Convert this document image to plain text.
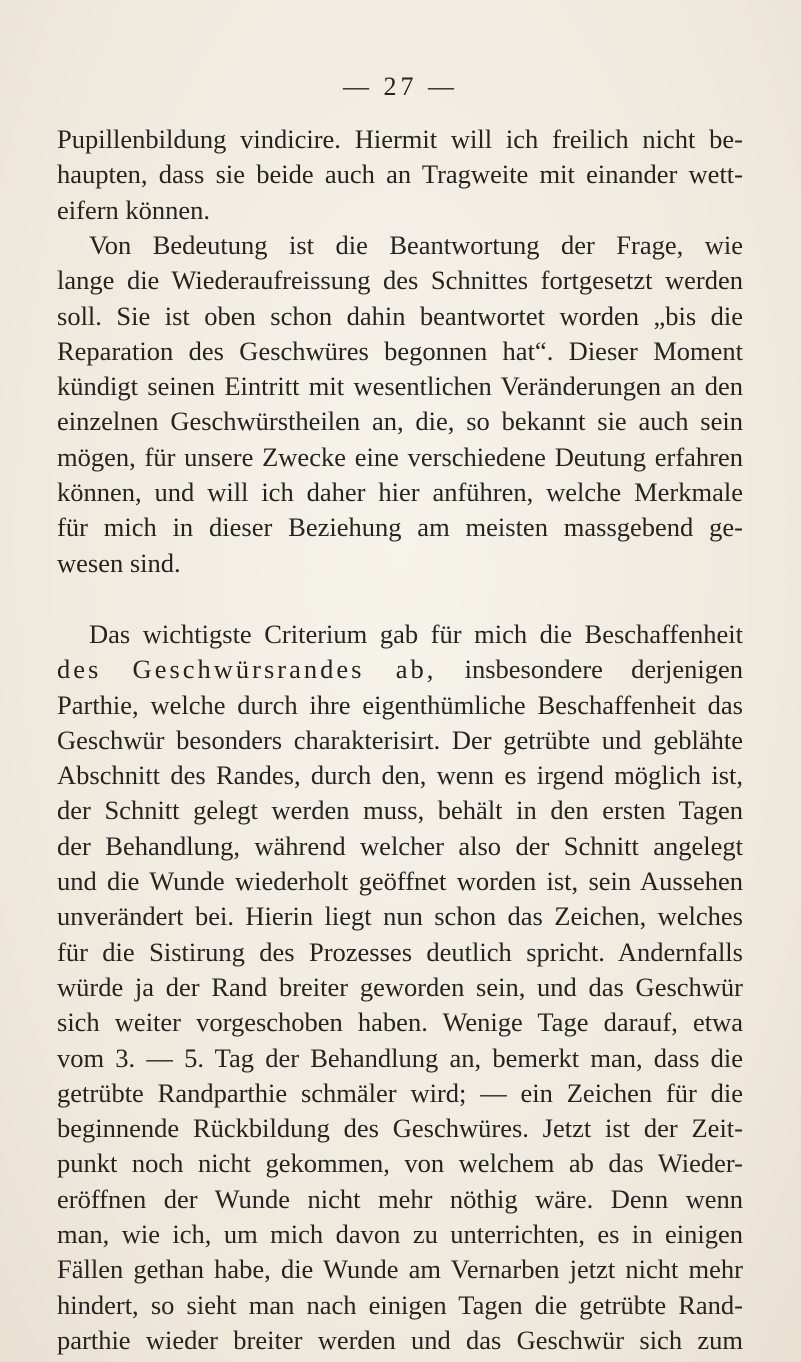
— 27 —
Pupillenbildung vindicire. Hiermit will ich freilich nicht be-
haupten, dass sie beide auch an Tragweite mit einander wett-
eifern können.
Von Bedeutung ist die Beantwortung der Frage, wie
lange die Wiederaufreissung des Schnittes fortgesetzt werden
soll. Sie ist oben schon dahin beantwortet worden „bis die
Reparation des Geschwüres begonnen hat“. Dieser Moment
kündigt seinen Eintritt mit wesentlichen Veränderungen an den
einzelnen Geschwürstheilen an, die, so bekannt sie auch sein
mögen, für unsere Zwecke eine verschiedene Deutung erfahren
können, und will ich daher hier anführen, welche Merkmale
für mich in dieser Beziehung am meisten massgebend ge-
wesen sind.
Das wichtigste Criterium gab für mich die Beschaffenheit
des Geschwürsrandes ab, insbesondere derjenigen
Parthie, welche durch ihre eigenthümliche Beschaffenheit das
Geschwür besonders charakterisirt. Der getrübte und geblähte
Abschnitt des Randes, durch den, wenn es irgend möglich ist,
der Schnitt gelegt werden muss, behält in den ersten Tagen
der Behandlung, während welcher also der Schnitt angelegt
und die Wunde wiederholt geöffnet worden ist, sein Aussehen
unverändert bei. Hierin liegt nun schon das Zeichen, welches
für die Sistirung des Prozesses deutlich spricht. Andernfalls
würde ja der Rand breiter geworden sein, und das Geschwür
sich weiter vorgeschoben haben. Wenige Tage darauf, etwa
vom 3. — 5. Tag der Behandlung an, bemerkt man, dass die
getrübte Randparthie schmäler wird; — ein Zeichen für die
beginnende Rückbildung des Geschwüres. Jetzt ist der Zeit-
punkt noch nicht gekommen, von welchem ab das Wieder-
eröffnen der Wunde nicht mehr nöthig wäre. Denn wenn
man, wie ich, um mich davon zu unterrichten, es in einigen
Fällen gethan habe, die Wunde am Vernarben jetzt nicht mehr
hindert, so sieht man nach einigen Tagen die getrübte Rand-
parthie wieder breiter werden und das Geschwür sich zum
